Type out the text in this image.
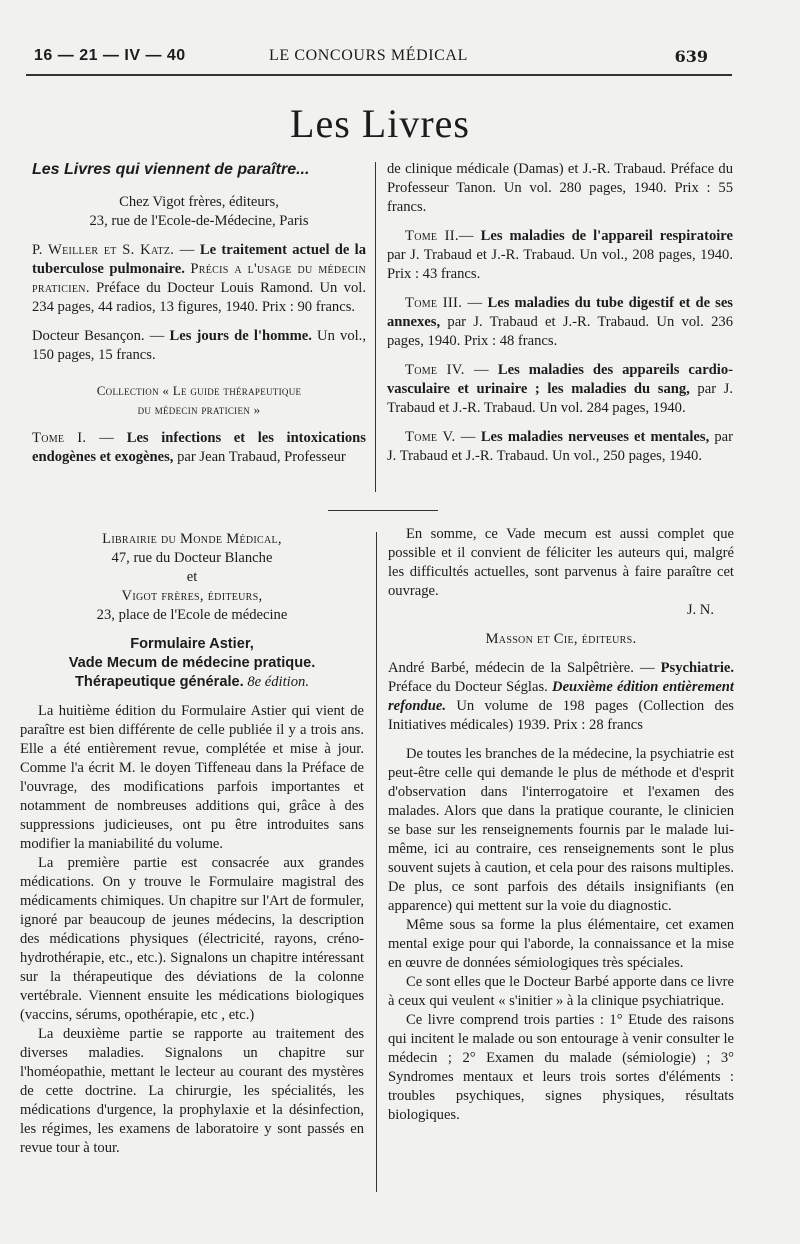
16 — 21 — IV — 40	LE CONCOURS MÉDICAL	639
Les Livres

Les Livres qui viennent de paraître...

Chez Vigot frères, éditeurs,

23, rue de l'Ecole-de-Médecine, Paris

P. Weiller et S. Katz. — Le traitement actuel de la tuberculose pulmonaire. Précis a l'usage du médecin praticien. Préface du Docteur Louis Ramond. Un vol. 234 pages, 44 radios, 13 figures, 1940. Prix : 90 francs.

Docteur Besançon. — Les jours de l'homme. Un vol., 150 pages, 15 francs.

Collection « Le guide thérapeutique

du médecin praticien »

Tome I. — Les infections et les intoxications endogènes et exogènes, par Jean Trabaud, Professeur

de clinique médicale (Damas) et J.-R. Trabaud. Préface du Professeur Tanon. Un vol. 280 pages, 1940. Prix : 55 francs.

Tome II.— Les maladies de l'appareil respiratoire par J. Trabaud et J.-R. Trabaud. Un vol., 208 pages, 1940. Prix : 43 francs.

Tome III. — Les maladies du tube digestif et de ses annexes, par J. Trabaud et J.-R. Trabaud. Un vol. 236 pages, 1940. Prix : 48 francs.

Tome IV. — Les maladies des appareils cardio-vasculaire et urinaire ; les maladies du sang, par J. Trabaud et J.-R. Trabaud. Un vol. 284 pages, 1940.

Tome V. — Les maladies nerveuses et mentales, par J. Trabaud et J.-R. Trabaud. Un vol., 250 pages, 1940.

Librairie du Monde Médical,

47, rue du Docteur Blanche

et

Vigot frères, éditeurs,

23, place de l'Ecole de médecine

Formulaire Astier,

Vade Mecum de médecine pratique. Thérapeutique générale. 8e édition.

La huitième édition du Formulaire Astier qui vient de paraître est bien différente de celle publiée il y a trois ans. Elle a été entièrement revue, complétée et mise à jour. Comme l'a écrit M. le doyen Tiffeneau dans la Préface de l'ouvrage, des modifications parfois importantes et notamment de nombreuses additions qui, grâce à des suppressions judicieuses, ont pu être introduites sans modifier la maniabilité du volume.

La première partie est consacrée aux grandes médications. On y trouve le Formulaire magistral des médicaments chimiques. Un chapitre sur l'Art de formuler, ignoré par beaucoup de jeunes médecins, la description des médications physiques (électricité, rayons, créno-hydrothérapie, etc., etc.). Signalons un chapitre intéressant sur la thérapeutique des déviations de la colonne vertébrale. Viennent ensuite les médications biologiques (vaccins, sérums, opothérapie, etc , etc.)

La deuxième partie se rapporte au traitement des diverses maladies. Signalons un chapitre sur l'homéopathie, mettant le lecteur au courant des mystères de cette doctrine. La chirurgie, les spécialités, les médications d'urgence, la prophylaxie et la désinfection, les régimes, les examens de laboratoire y sont passés en revue tour à tour.

En somme, ce Vade mecum est aussi complet que possible et il convient de féliciter les auteurs qui, malgré les difficultés actuelles, sont parvenus à faire paraître cet ouvrage.

J. N.

Masson et Cie, éditeurs.

André Barbé, médecin de la Salpêtrière. — Psychiatrie. Préface du Docteur Séglas. Deuxième édition entièrement refondue. Un volume de 198 pages (Collection des Initiatives médicales) 1939. Prix : 28 francs

De toutes les branches de la médecine, la psychiatrie est peut-être celle qui demande le plus de méthode et d'esprit d'observation dans l'interrogatoire et l'examen des malades. Alors que dans la pratique courante, le clinicien se base sur les renseignements fournis par le malade lui-même, ici au contraire, ces renseignements sont le plus souvent sujets à caution, et cela pour des raisons multiples. De plus, ce sont parfois des détails insignifiants (en apparence) qui mettent sur la voie du diagnostic.

Même sous sa forme la plus élémentaire, cet examen mental exige pour qui l'aborde, la connaissance et la mise en œuvre de données sémiologiques très spéciales.

Ce sont elles que le Docteur Barbé apporte dans ce livre à ceux qui veulent « s'initier » à la clinique psychiatrique.

Ce livre comprend trois parties : 1° Etude des raisons qui incitent le malade ou son entourage à venir consulter le médecin ; 2° Examen du malade (sémiologie) ; 3° Syndromes mentaux et leurs trois sortes d'éléments : troubles psychiques, signes physiques, résultats biologiques.
